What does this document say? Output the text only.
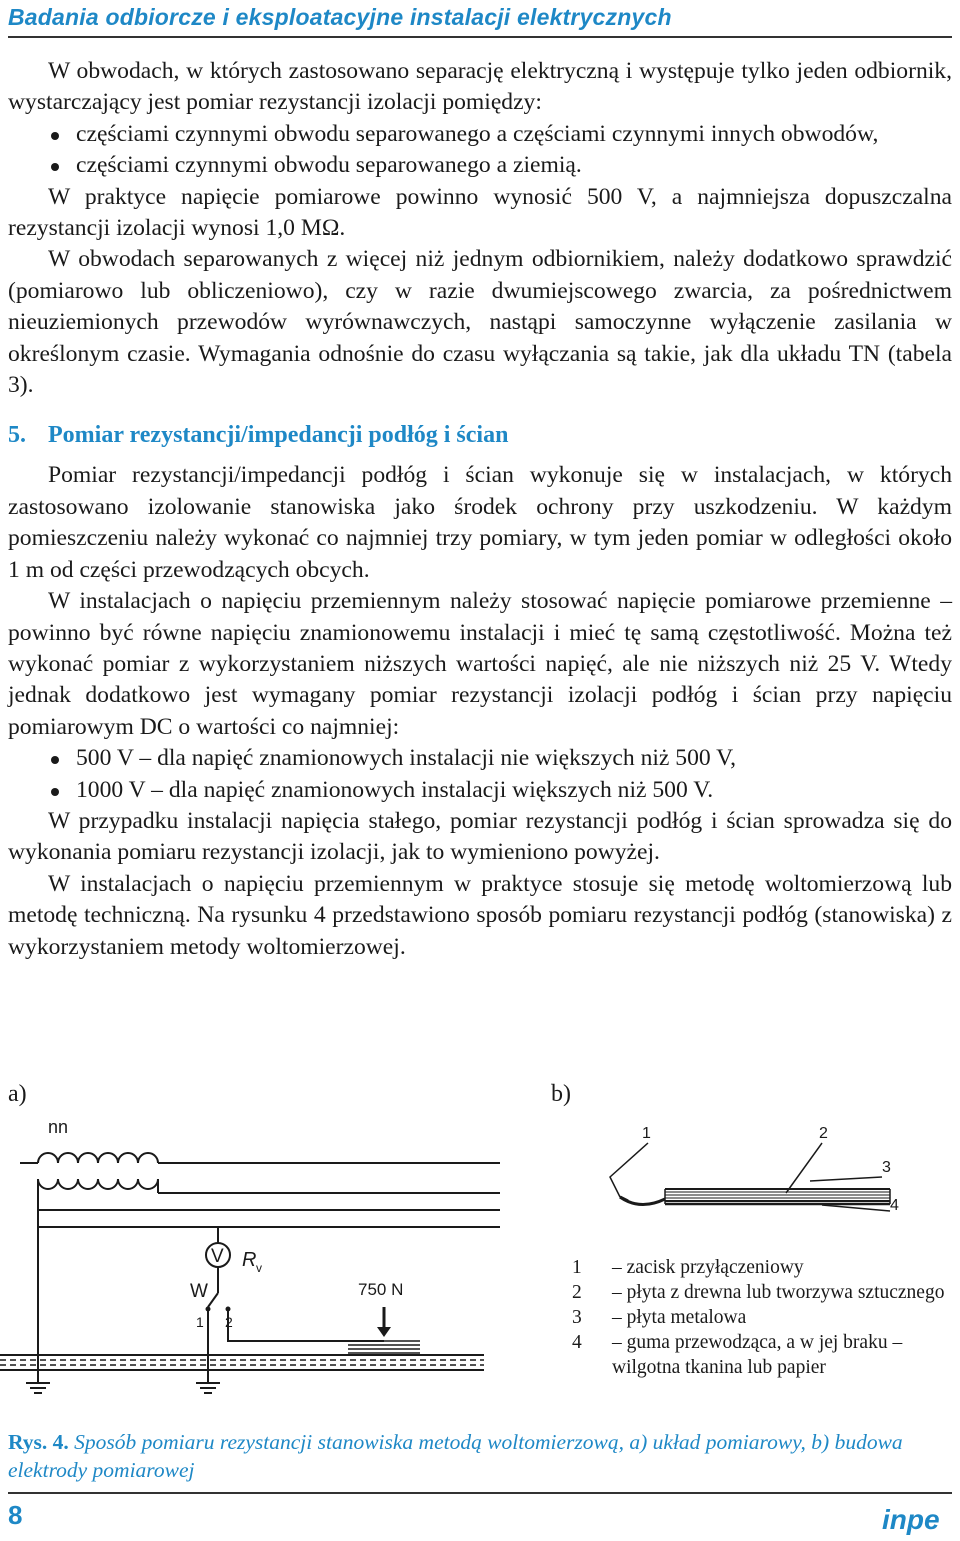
Badania odbiorcze i eksploatacyjne instalacji elektrycznych

W obwodach, w których zastosowano separację elektryczną i występuje tylko jeden odbiornik, wystarczający jest pomiar rezystancji izolacji pomiędzy:

częściami czynnymi obwodu separowanego a częściami czynnymi innych obwodów,
częściami czynnymi obwodu separowanego a ziemią.

W praktyce napięcie pomiarowe powinno wynosić 500 V, a najmniejsza dopuszczalna rezystancji izolacji wynosi 1,0 MΩ.

W obwodach separowanych z więcej niż jednym odbiornikiem, należy dodatkowo sprawdzić (pomiarowo lub obliczeniowo), czy w razie dwumiejscowego zwarcia, za pośrednictwem nieuziemionych przewodów wyrównawczych, nastąpi samoczynne wyłączenie zasilania w określonym czasie. Wymagania odnośnie do czasu wyłączania są takie, jak dla układu TN (tabela 3).

5. Pomiar rezystancji/impedancji podłóg i ścian

Pomiar rezystancji/impedancji podłóg i ścian wykonuje się w instalacjach, w których zastosowano izolowanie stanowiska jako środek ochrony przy uszkodzeniu. W każdym pomieszczeniu należy wykonać co najmniej trzy pomiary, w tym jeden pomiar w odległości około 1 m od części przewodzących obcych.

W instalacjach o napięciu przemiennym należy stosować napięcie pomiarowe przemienne – powinno być równe napięciu znamionowemu instalacji i mieć tę samą częstotliwość. Można też wykonać pomiar z wykorzystaniem niższych wartości napięć, ale nie niższych niż 25 V. Wtedy jednak dodatkowo jest wymagany pomiar rezystancji izolacji podłóg i ścian przy napięciu pomiarowym DC o wartości co najmniej:

500 V – dla napięć znamionowych instalacji nie większych niż 500 V,
1000 V – dla napięć znamionowych instalacji większych niż 500 V.

W przypadku instalacji napięcia stałego, pomiar rezystancji podłóg i ścian sprowadza się do wykonania pomiaru rezystancji izolacji, jak to wymieniono powyżej.

W instalacjach o napięciu przemiennym w praktyce stosuje się metodę woltomierzową lub metodę techniczną. Na rysunku 4 przedstawiono sposób pomiaru rezystancji podłóg (stanowiska) z wykorzystaniem metody woltomierzowej.

a)	b)
nn
V R v
W
1 2
750 N
1	2
3
4
1 – zacisk przyłączeniowy
2 – płyta z drewna lub tworzywa sztucznego
3 – płyta metalowa
4 – guma przewodząca, a w jej braku – wilgotna tkanina lub papier
Rys. 4. Sposób pomiaru rezystancji stanowiska metodą woltomierzową, a) układ pomiarowy, b) budowa elektrody pomiarowej
8	inpe
